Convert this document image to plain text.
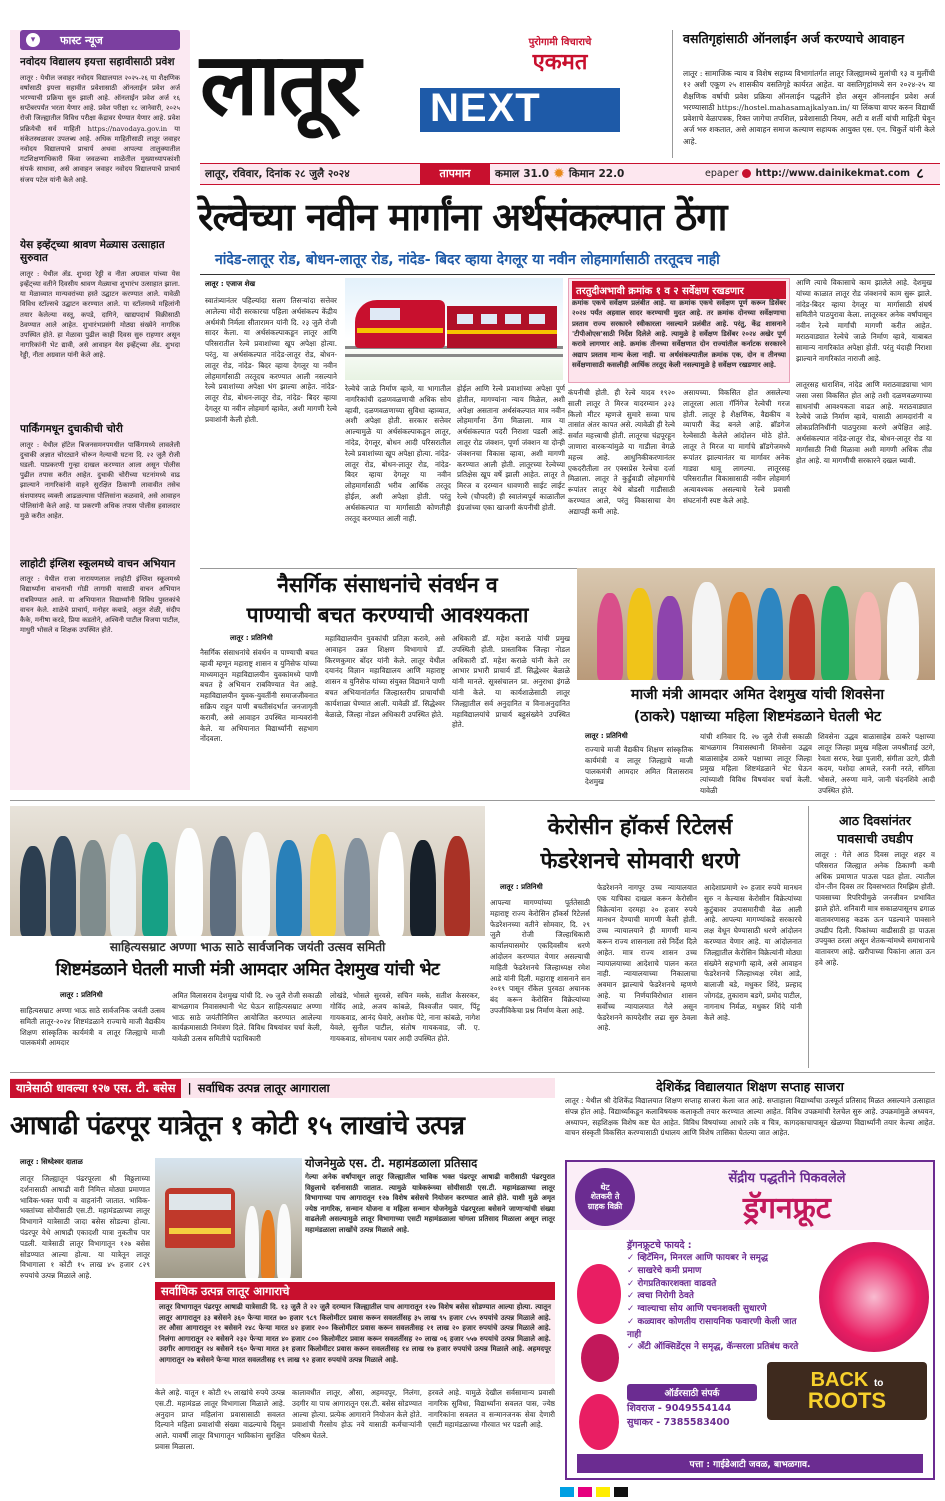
▾	फास्ट न्यूज
नवोदय विद्यालय इयत्ता सहावीसाठी प्रवेश
लातूर : येथील जवाहर नवोदय विद्यालयात २०२५-२६ या शैक्षणिक वर्षासाठी इयत्ता सहावीत प्रवेशासाठी ऑनलाईन प्रवेश अर्ज भरण्याची प्रक्रिया सुरु झाली आहे. ऑनलाईन प्रवेश अर्ज १६ सप्टेंबरपर्यंत भरता येणार आहे. प्रवेश परीक्षा १८ जानेवारी, २०२५ रोजी जिल्ह्यातील विविध परीक्षा केंद्रावर घेण्यात येणार आहे. प्रवेश प्रक्रियेची सर्व माहिती https://navodaya.gov.in या संकेतस्थळावर उपलब्ध आहे. अधिक माहितीसाठी लातूर जवाहर नवोदय विद्यालयाचे प्राचार्य अथवा आपल्या तालुक्यातील गटशिक्षणाधिकारी किंवा जवळच्या शाळेतील मुख्याध्यापकांशी संपर्क साधावा, असे आवाहन जवाहर नवोदय विद्यालयाचे प्राचार्य संजय पटेल यांनी केले आहे.
येस इव्हेंट्च्या श्रावण मेळ्यास उत्साहात सुरुवात
लातूर : येथील ॲड. शुभदा रेड्डी व नीता अग्रवाल यांच्या येस इव्हेंट्च्या वतीने दिवसीय श्रावण मेळ्याचा शुभारंभ उत्साहात झाला. या मेळाव्यात मान्यवरांच्या हस्ते उद्घाटन करण्यात आले. यावेळी विविध स्टॉल्सचे उद्घाटन करण्यात आले. या स्टॉलमध्ये महिलांनी तयार केलेल्या वस्तू, कपडे, दागिने, खाद्यपदार्थ विक्रीसाठी ठेवण्यात आले आहेत. शुभारंभप्रसंगी मोठ्या संख्येने नागरिक उपस्थित होते. हा मेळावा पुढील काही दिवस सुरु राहणार असून नागरिकांनी भेट द्यावी, असे आवाहन येस इव्हेंट्च्या ॲड. शुभदा रेड्डी, नीता अग्रवाल यांनी केले आहे.
पार्किंगमधून दुचाकीची चोरी
लातूर : येथील हॉटेल बिजनसमनपमधील पार्किंगमध्ये लावलेली दुचाकी अज्ञात चोरट्याने चोरून नेल्याची घटना दि. २२ जुलै रोजी घडली. याप्रकरणी गुन्हा दाखल करण्यात आला असून पोलीस पुढील तपास करीत आहेत. दुचाकी चोरीच्या घटनांमध्ये वाढ झाल्याने नागरिकांनी वाहने सुरक्षित ठिकाणी लावावीत तसेच संशयास्पद व्यक्ती आढळल्यास पोलिसांना कळवावे, असे आवाहन पोलिसांनी केले आहे. या प्रकरणी अधिक तपास पोलीस हवालदार मुळे करीत आहेत.
लाहोटी इंग्लिश स्कूलमध्ये वाचन अभियान
लातूर : येथील राजा नारायणलाल लाहोटी इंग्लिश स्कूलमध्ये विद्यार्थ्यांना वाचनाची गोडी लागावी यासाठी वाचन अभियान राबविण्यात आले. या अभियानात विद्यार्थ्यांनी विविध पुस्तकांचे वाचन केले. शाळेचे प्राचार्य, मनोहर कबाडे, अतुल शेळी, संदीप कैके, मनीषा करडे, प्रिया कडतोने, अश्विनी पाटील विजया पाटील, माधुरी भोसले व शिक्षक उपस्थित होते.
लातूर	पुरोगामी विचाराचे
एकमत
NEXT
लातूर, रविवार, दिनांक २८ जुलै २०२४	तापमान	कमाल 31.0 ✹ किमान 22.0	epaper http://www.dainikekmat.com ८
वसतिगृहांसाठी ऑनलाईन अर्ज करण्याचे आवाहन
लातूर : सामाजिक न्याय व विशेष सहाय्य विभागांतर्गत लातूर जिल्ह्यामध्ये मुलांची १३ व मुलींची १२ अशी एकूण २५ शासकीय वसतिगृहे कार्यरत आहेत. या वसतिगृहांमध्ये सन २०२४-२५ या शैक्षणिक वर्षाची प्रवेश प्रक्रिया ऑनलाईन पद्धतीने होत असून ऑनलाईन प्रवेश अर्ज भरण्यासाठी https://hostel.mahasamajkalyan.in/ या लिंकचा वापर करुन विद्यार्थी प्रवेशाचे वेळापत्रक, रिक्त जागेचा तपशिल, प्रवेशासाठी नियम, अटी व शर्ती यांची माहिती घेवून अर्ज भरु शकतात, असे आवाहन समाज कल्याण सहायक आयुक्त एस. एन. चिकुर्ते यांनी केले आहे.
रेल्वेच्या नवीन मार्गांना अर्थसंकल्पात ठेंगा
नांदेड-लातूर रोड, बोधन-लातूर रोड, नांदेड- बिदर व्हाया देगलूर या नवीन लोहमार्गासाठी तरतूदच नाही
लातूर : एजाज शेख
स्वातंत्र्यानंतर पहिल्यांदा सलग तिसऱ्यांदा सत्तेवर आलेल्या मोदी सरकारचा पहिला अर्थसंकल्प केंद्रीय अर्थमंत्री निर्मला सीतारामन यांनी दि. २३ जुलै रोजी सादर केला. या अर्थसंकल्पाकडून लातूर आणि परिसरातील रेल्वे प्रवाशांच्या खूप अपेक्षा होत्या. परंतु, या अर्थसंकल्पात नांदेड-लातूर रोड, बोधन-लातूर रोड, नांदेड- बिदर व्हाया देगलूर या नवीन लोहमार्गांसाठी तरतूदच करण्यात आली नसल्याने रेल्वे प्रवाशांच्या अपेक्षा भंग झाल्या आहेत. नांदेड-लातूर रोड, बोधन-लातूर रोड, नांदेड- बिदर व्हाया देगलूर या नवीन लोहमार्ग व्हावेत, अशी मागणी रेल्वे प्रवाशांनी केली होती.
रेल्वेचे जाळे निर्माण व्हावे, या भागातील नागरिकांची दळणवळणाची अधिक सोय व्हावी, दळणवळणाच्या सुविधा व्हाव्यात, अशी अपेक्षा होती. सरकार सत्तेवर आल्यामुळे या अर्थसंकल्पाकडून लातूर, नांदेड, देगलूर, बोधन आदी परिसरातील रेल्वे प्रवाशांच्या खूप अपेक्षा होत्या. नांदेड-लातूर रोड, बोधन-लातूर रोड, नांदेड- बिदर व्हाया देगलूर या नवीन लोहमार्गासाठी भरीव आर्थिक तरतूद होईल, अशी अपेक्षा होती. परंतु अर्थसंकल्पात या मार्गांसाठी कोणतीही तरतूद करण्यात आली नाही.
होईल आणि रेल्वे प्रवाशांच्या अपेक्षा पूर्ण होतील, मागण्यांना न्याय मिळेल, अशी अपेक्षा असताना अर्थसंकल्पात मात्र नवीन लोहमार्गांना ठेंगा मिळाला. मात्र या अर्थसंकल्पात पदरी निराशा पडली आहे. लातूर रोड जंक्शन, पूर्णा जंक्शन या दोन्ही जंक्शनचा विकास व्हावा, अशी मागणी करण्यात आली होती. लातूरच्या रेल्वेच्या प्रतिक्षेस खूप वर्षे झाली आहेत. लातूर ते मिरज व दरम्यान धावणारी साईट लाईट रेल्वे (चौपदरी) ही स्वातंत्र्यपूर्व काळातील इंग्रजांच्या एका खाजगी कंपनीची होती.
तरतुदीअभावी क्रमांक १ व २ सर्वेक्षण रखडणार
क्रमांक एकचे सर्वेक्षण प्रलंबीत आहे. या क्रमांक एकचे सर्वेक्षण पूर्ण करून डिसेंबर २०२४ पर्यंत अहवाल सादर करण्याची मुदत आहे. तर क्रमांक दोनच्या सर्वेक्षणाचा प्रस्ताव राज्य सरकारने स्वीकारला नसल्याने प्रलंबीत आहे. परंतु, केंद्र शासनाने 'टीपीओएस'साठी निर्देश दिलेले आहे. त्यामुळे हे सर्वेक्षण डिसेंबर २०२४ अखेर पूर्ण करावे लागणार आहे. क्रमांक तीनच्या सर्वेक्षणात दोन राज्यांतील कर्नाटक सरकारने अद्याप प्रस्ताव मान्य केला नाही. या अर्थसंकल्पातील क्रमांक एक, दोन व तीनच्या सर्वेक्षणासाठी कसलीही आर्थिक तरतूद केली नसल्यामुळे हे सर्वेक्षण रखडणार आहे.
कंपनीची होती. ही रेल्वे यादव १९२० साली लातूर ते मिरज यादरम्यान ३२३ किलो मीटर म्हणजे सुमारे सव्वा पाच तासांत अंतर कापत असे. त्यावेळी ही रेल्वे सर्वात महत्त्वाची होती. लातूरचा चंद्रपूरहून जाणारा वारकऱ्यांमुळे या गाडीला वेगळे महत्त्व आहे. आधुनिकीकरणानंतर एकदरीतीला तर एक्सप्रेस रेल्वेचा दर्जा मिळाला. लातूर ते कुर्डुवाडी लोहमार्गाचे रूपांतर लातूर येथे बोडसी गाडीसाठी करण्यात आले, परंतु विकासाचा वेग अद्यापही कमी आहे.
असायच्या. विकसित होत असलेल्या लातूरला आता गॅनिंगेज रेल्वेची गरज होती. लातूर हे शैक्षणिक, वैद्यकीय व व्यापारी केंद्र बनले आहे. ब्रॉडगेज रेल्वेसाठी केलेले आंदोलन मोठे होते. लातूर ते मिरज या मार्गाचे ब्रॉडगेजमध्ये रूपांतर झाल्यानंतर या मार्गावर अनेक गाड्या धावू लागल्या. लातूरसह परिसरातील विकासासाठी नवीन लोहमार्ग अत्यावश्यक असल्याचे रेल्वे प्रवासी संघटनांनी स्पष्ट केले आहे.
आणि त्याचे विकासाचे काम झालेले आहे. देशमुख यांच्या काळात लातूर रोड जंक्शनचे काम सुरू झाले. नांदेड-बिदर व्हाया देगलूर या मार्गासाठी संघर्ष समितीने पाठपुरावा केला. लातूरकर अनेक वर्षांपासून नवीन रेल्वे मार्गांची मागणी करीत आहेत. मराठवाड्यात रेल्वेचे जाळे निर्माण व्हावे, याबाबत सामान्य नागरिकांत अपेक्षा होती. परंतु यंदाही निराशा झाल्याने नागरिकांत नाराजी आहे.
लातूरसह धाराशिव, नांदेड आणि मराठवाड्याचा भाग जसा जसा विकसित होत आहे तशी दळणवळणाच्या साधनांची आवश्यकता वाढत आहे. मराठवाड्यात रेल्वेचे जाळे निर्माण व्हावे, यासाठी आमदारांनी व लोकप्रतिनिधींनी पाठपुरावा करणे अपेक्षित आहे. अर्थसंकल्पात नांदेड-लातूर रोड, बोधन-लातूर रोड या मार्गांसाठी निधी मिळावा अशी मागणी अधिक तीव्र होत आहे. या मागणीची सरकारने दखल घ्यावी.
नैसर्गिक संसाधनांचे संवर्धन व
पाण्याची बचत करण्याची आवश्यकता
लातूर : प्रतिनिधी
नैसर्गिक संसाधनांचे संवर्धन व पाण्याची बचत व्हावी म्हणून महाराष्ट्र शासन व युनिसेफ यांच्या माध्यमातून महाविद्यालयीन युवकांमध्ये पाणी बचत हे अभियान राबविण्यात येत आहे. महाविद्यालयीन युवक-युवतींनी समाजजीवनात सक्रिय राहून पाणी बचतीसंदर्भात जनजागृती करावी, असे आवाहन उपस्थित मान्यवरांनी केले. या अभियानात विद्यार्थ्यांनी सहभाग नोंदवला.
महाविद्यालयीन युवकांची प्रतिज्ञा करावे, असे आवाहन उन्नत शिक्षण विभागाचे डॉ. किरणकुमार बोंदर यांनी केले. लातूर येथील दयानंद विज्ञान महाविद्यालय आणि महाराष्ट्र शासन व युनिसेफ यांच्या संयुक्त विद्यमाने पाणी बचत अभियानांतर्गत जिल्हास्तरीय प्राचार्यांची कार्यशाळा घेण्यात आली. यावेळी डॉ. सिद्धेश्वर बेळाळे, जिल्हा नोडल अधिकारी उपस्थित होते.
अधिकारी डॉ. महेश कराळे यांची प्रमुख उपस्थिती होती. प्रास्ताविक जिल्हा नोडल अधिकारी डॉ. महेश कराळे यांनी केले तर आभार प्रभारी प्राचार्य डॉ. सिद्धेश्वर बेळाळे यांनी मानले. सूत्रसंचालन प्रा. अनुराधा इंगळे यांनी केले. या कार्यशाळेसाठी लातूर जिल्ह्यातील सर्व अनुदानित व विनाअनुदानित महाविद्यालयांचे प्राचार्य बहुसंख्येने उपस्थित होते.
माजी मंत्री आमदार अमित देशमुख यांची शिवसेना
(ठाकरे) पक्षाच्या महिला शिष्टमंडळाने घेतली भेट
लातूर : प्रतिनिधी
राज्याचे माजी वैद्यकीय शिक्षण सांस्कृतिक कार्यमंत्री व लातूर जिल्ह्याचे माजी पालकमंत्री आमदार अमित विलासराव देशमुख
यांची शनिवार दि. २७ जुलै रोजी सकाळी बाभळगाव निवासस्थानी शिवसेना उद्धव बाळासाहेब ठाकरे पक्षाच्या लातूर जिल्हा प्रमुख महिला शिष्टमंडळाने भेट घेऊन त्यांच्याशी विविध विषयांवर चर्चा केली. यावेळी
शिवसेना उद्धव बाळासाहेब ठाकरे पक्षाच्या लातूर जिल्हा प्रमुख महिला जयश्रीताई उटगे, रेवता सरफ, रेखा पुजारी, संगीता उटगे, प्रीती कदम, यशोदा आमले, रजनी नरते, संगिता भोसले, अरुणा माने, जानी चंदनशिवे आदी उपस्थित होते.
साहित्यसम्राट अण्णा भाऊ साठे सार्वजनिक जयंती उत्सव समिती
शिष्टमंडळाने घेतली माजी मंत्री आमदार अमित देशमुख यांची भेट
लातूर : प्रतिनिधी
साहित्यसम्राट अण्णा भाऊ साठे सार्वजनिक जयंती उत्सव समिती लातूर-२०२४ शिष्टमंडळाने राज्याचे माजी वैद्यकीय शिक्षण सांस्कृतिक कार्यमंत्री व लातूर जिल्ह्याचे माजी पालकमंत्री आमदार
अमित विलासराव देशमुख यांची दि. २७ जुलै रोजी सकाळी बाभळगाव निवासस्थानी भेट घेऊन साहित्यसम्राट अण्णा भाऊ साठे जयंतीनिमित्त आयोजित करण्यात आलेल्या कार्यक्रमासाठी निमंत्रण दिले. विविध विषयांवर चर्चा केली, यावेळी उत्सव समितीचे पदाधिकारी
लोखंडे, भोसले सुरवसे, सचिन मस्के, सतीश केसरकर, गोविंद आडे, अजय कांबळे, विश्वजीत पवार, पिंटू गायकवाड, आनंद घेवारे, अशोक पेटे, नाना कांबळे, नागेश येवले, सुनील पाटील, संतोष गायकवाड, जी. ए. गायकवाड, सोमनाथ पवार आदी उपस्थित होते.
केरोसीन हॉकर्स रिटेलर्स
फेडरेशनचे सोमवारी धरणे
लातूर : प्रतिनिधी
आपल्या मागण्यांच्या पूर्ततेसाठी महाराष्ट्र राज्य केरोसिन हॉकर्स रिटेलर्स फेडरेशनच्या वतीने सोमवार, दि. २९ जुलै रोजी जिल्हाधिकारी कार्यालयासमोर एकदिवसीय धरणे आंदोलन करण्यात येणार असल्याची माहिती फेडरेशनचे जिल्हाध्यक्ष रमेश आडे यांनी दिली. महाराष्ट्र शासनाने सन २०१९ पासून रॉकेल पुरवठा अचानक बंद करून केरोसिन विक्रेत्यांच्या उपजीविकेचा प्रश्न निर्माण केला आहे.
फेडरेशनने नागपूर उच्च न्यायालयात एक याचिका दाखल करून केरोसीन विक्रेत्यांना दरमहा २० हजार रुपये मानधन देण्याची मागणी केली होती. उच्च न्यायालयाने ही मागणी मान्य करून राज्य शासनाला तसे निर्देश दिले आहेत. मात्र राज्य शासन उच्च न्यायालयाच्या आदेशाचे पालन करत नाही. न्यायालयाच्या निकालाचा अवमान झाल्याचे फेडरेशनचे म्हणणे आहे. या निर्णयाविरोधात शासन सर्वोच्च न्यायालयात गेले असून फेडरेशनने कायदेशीर लढा सुरु ठेवला आहे.
आदेशाप्रमाणे २० हजार रुपये मानधन सुरु न केल्यास केरोसीन विक्रेत्यांच्या कुटुंबावर उपासमारीची वेळ आली आहे. आपल्या मागण्यांकडे सरकारचे लक्ष वेधून घेण्यासाठी धरणे आंदोलन करण्यात येणार आहे. या आंदोलनात जिल्ह्यातील केरोसिन विक्रेत्यांनी मोठ्या संख्येने सहभागी व्हावे, असे आवाहन फेडरेशनचे जिल्हाध्यक्ष रमेश आडे, बालाजी बडे, मधुकर शिंदे, प्रल्हाद जोगदंड, तुकाराम बडगे, प्रमोद पाटील, नागनाथ निर्मळ, मधुकर शिंदे यांनी केले आहे.
आठ दिवसांनंतर
पावसाची उघडीप
लातूर : गेले आठ दिवस लातूर शहर व परिसरात जिल्ह्यात अनेक ठिकाणी कमी अधिक प्रमाणात पाऊस पडत होता. त्यातील दोन-तीन दिवस तर दिवसभरात रिमझिम होती. पावसाच्या रिपरिपीमुळे जनजीवन प्रभावित झाले होते. शनिवारी मात्र सकाळपासूनच ढगाळ वातावरणासह कडक ऊन पडल्याने पावसाने उघडीप दिली. पिकांच्या वाढीसाठी हा पाऊस उपयुक्त ठरला असून शेतकऱ्यांमध्ये समाधानाचे वातावरण आहे. खरीपाच्या पिकांना आता ऊन हवे आहे.
यात्रेसाठी धावल्या १२७ एस. टी. बसेस	| सर्वाधिक उत्पन्न लातूर आगाराला
आषाढी पंढरपूर यात्रेतून १ कोटी १५ लाखांचे उत्पन्न
लातूर : सिध्देश्वर दाताळ
लातूर जिल्ह्यातून पंढरपूरला श्री विठ्ठलाच्या दर्शनासाठी आषाढी वारी निमित्त मोठ्या प्रमाणात भाविक-भक्त पायी व वाहनांनी जातात. भाविक-भक्तांच्या सोयीसाठी एस.टी. महामंडळाच्या लातूर विभागाने यात्रेसाठी जादा बसेस सोडल्या होत्या. पंढरपूर येथे आषाढी एकादशी यात्रा नुकतीच पार पडली. यात्रेसाठी लातूर विभागातून १२७ बसेस सोडण्यात आल्या होत्या. या यात्रेतून लातूर विभागाला १ कोटी १५ लाख ४५ हजार ८२९ रुपयांचे उत्पन्न मिळाले आहे.
योजनेमुळे एस. टी. महामंडळाला प्रतिसाद
गेल्या अनेक वर्षांपासून लातूर जिल्ह्यातील भाविक भक्त पंढरपूर आषाढी वारीसाठी पंढरपुरात विठ्ठलाचे दर्शनासाठी जातात. त्यामुळे यात्रेकरूंच्या सोयीसाठी एस.टी. महामंडळाच्या लातूर विभागाच्या पाच आगारातून १२७ विशेष बसेसचे नियोजन करण्यात आले होते. याशी मुळे अमृत ज्येष्ठ नागरिक, सन्मान योजना व महिला सन्मान योजनेमुळे पंढरपूरला बसेसने जाणाऱ्यांची संख्या वाढलेली असल्यामुळे लातूर विभागाच्या एसटी महामंडळाला चांगला प्रतिसाद मिळाला असून लातूर महामंडळाला लाखोंचे उत्पन्न मिळाले आहे.
सर्वाधिक उत्पन्न लातूर आगाराचे
लातूर विभागातून पंढरपूर आषाढी यात्रेसाठी दि. १३ जुलै ते २२ जुलै दरम्यान जिल्ह्यातील पाच आगारातून १२७ विशेष बसेस सोडण्यात आल्या होत्या. त्यातून लातूर आगारातून ३३ बसेसने ३६० फेऱ्या मारत ७० हजार ९८९ किलोमीटर प्रवास करून सवलतींसह ३५ लाख ९५ हजार ८५५ रुपयांचे उत्पन्न मिळाले आहे. तर औसा आगारातून २१ बसेसने २४८ फेऱ्या मारत ४२ हजार २०० किलोमीटर प्रवास करून सवलतीसह २१ लाख २० हजार रुपयांचे उत्पन्न मिळाले आहे. निलंगा आगारातून २२ बसेसने २३२ फेऱ्या मारत ४० हजार ८०० किलोमीटर प्रवास करून सवलतींसह २० लाख ०६ हजार ५५७ रुपयांचे उत्पन्न मिळाले आहे. उदगीर आगारातून २४ बसेसने १६० फेऱ्या मारत ३१ हजार किलोमीटर प्रवास करून सवलतीसह १४ लाख १७ हजार रुपयांचे उत्पन्न मिळाले आहे. अहमदपूर आगारातून २७ बसेसने फेऱ्या मारत सवलतीसह १९ लाख ९२ हजार रुपयांचे उत्पन्न मिळाले आहे.
केले आहे. यातून १ कोटी १५ लाखांचे रुपये उत्पन्न एस.टी. महामंडळ लातूर विभागाला मिळाले आहे. अनुदान प्राप्त महिलांना प्रवासासाठी सवलत दिल्याने महिला प्रवाशांची संख्या वाढल्याचे दिसून आले. यावर्षी लातूर विभागातून भाविकांना सुरक्षित प्रवास मिळाला.
कालावधीत लातूर, औसा, अहमदपूर, निलंगा, उदगीर या पाच आगारातून एस.टी. बसेस सोडण्यात आल्या होत्या. प्रत्येक आगाराने नियोजन केले होते. प्रवाशांची गैरसोय होऊ नये यासाठी कर्मचाऱ्यांनी परिश्रम घेतले.
हरवले आहे. यामुळे देखील सर्वसामान्य प्रवासी नागरिक सुविधा, विद्यार्थ्यांना सवलत पास, ज्येष्ठ नागरिकांना सवलत व सन्मानजनक सेवा देणारी एसटी महामंडळाच्या गौरवात भर पडली आहे.
देशिकेंद्र विद्यालयात शिक्षण सप्ताह साजरा
लातूर : येथील श्री देशिकेंद्र विद्यालयात शिक्षण सप्ताह साजरा केला जात आहे. सप्ताहाला विद्यार्थ्यांचा उत्स्फूर्त प्रतिसाद मिळत असल्याने उत्साहात संपन्न होत आहे. विद्यार्थ्यांकडून कलाविषयक कलाकृती तयार करण्यात आल्या आहेत. विविध उपक्रमांची रेलचेल सुरु आहे. उपक्रमांमुळे अध्ययन, अध्यापन, सहशिक्षक विशेष कष्ट घेत आहेत. विविध विषयांच्या आधारे तके व चित्र, कागदकाचापासून खेळण्या विद्यार्थ्यांनी तयार केल्या आहेत. वाचन संस्कृती विकसित करण्यासाठी ग्रंथालय आणि विशेष तासिका घेतल्या जात आहेत.
थेट
शेतकरी ते
ग्राहक विक्री
सेंद्रीय पद्धतीने पिकवलेले
ड्रॅगनफ्रूट
ड्रॅगनफ्रूटचे फायदे :
✓ व्हिटॅमिन, मिनरल आणि फायबर ने समृद्ध
✓ साखरेचे कमी प्रमाण
✓ रोगप्रतिकारशक्ता वाढवते
✓ त्वचा निरोगी ठेवते
✓ ग्वाल्याचा सोय आणि पचनशक्ती सुधारणे
✓ कळ्यावर कोणतीय रासायनिक फवारणी केली जात नाही
✓ ॲंटी ऑक्सिडेंट्स ने समृद्ध, कॅन्सरला प्रतिबंध करते
BACK to
ROOTS
ऑर्डरसाठी संपर्क
शिवराज - 9049554144
सुधाकर - 7385583400
पत्ता : गाईडेआटी जवळ, बाभळगाव.
